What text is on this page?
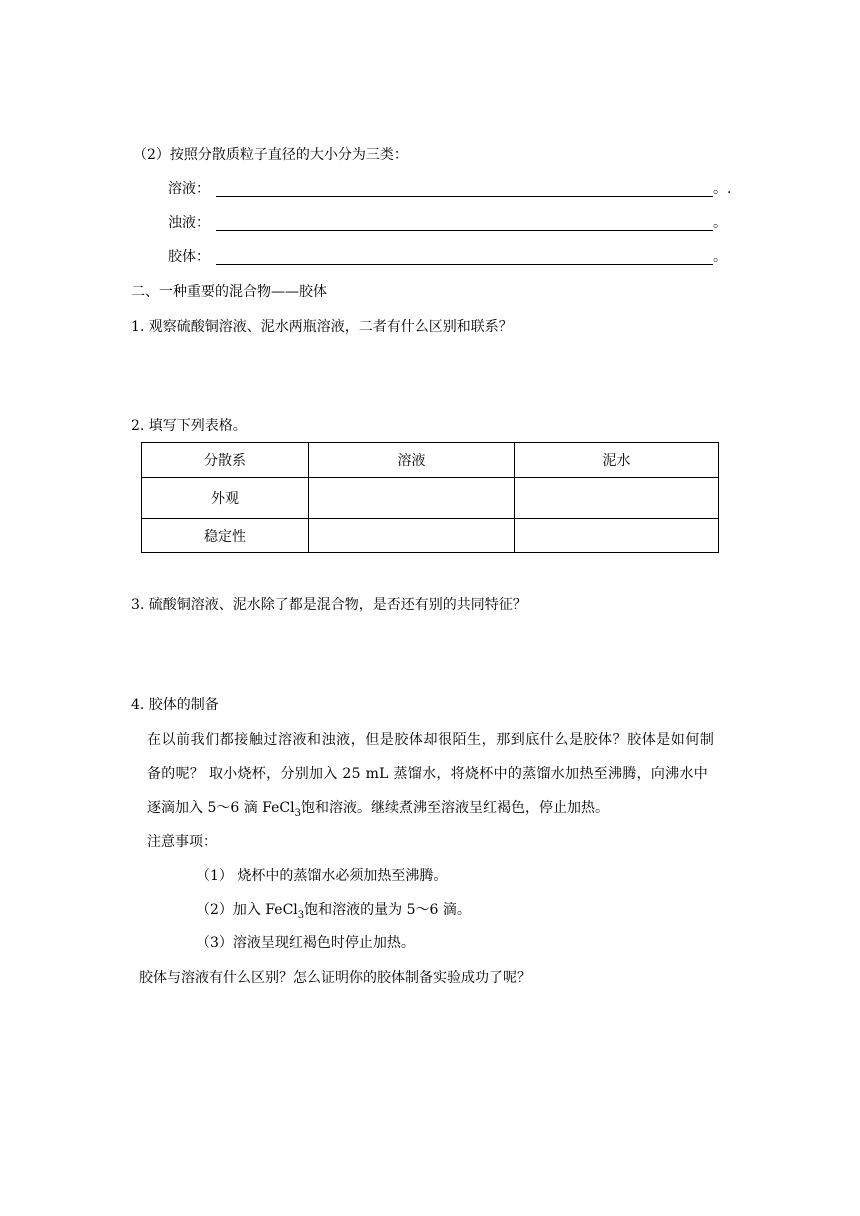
（2）按照分散质粒子直径的大小分为三类：
溶液：	。.
浊液：	。
胶体：	。
二、一种重要的混合物——胶体
1. 观察硫酸铜溶液、泥水两瓶溶液，二者有什么区别和联系？
2. 填写下列表格。
分散系	溶液	泥水
外观		
稳定性		
3. 硫酸铜溶液、泥水除了都是混合物，是否还有别的共同特征？
4. 胶体的制备
在以前我们都接触过溶液和浊液，但是胶体却很陌生，那到底什么是胶体？胶体是如何制
备的呢？ 取小烧杯，分别加入 25 mL 蒸馏水，将烧杯中的蒸馏水加热至沸腾，向沸水中
逐滴加入 5～6 滴 FeCl$_3$饱和溶液。继续煮沸至溶液呈红褐色，停止加热。
注意事项：
（1） 烧杯中的蒸馏水必须加热至沸腾。
（2）加入 FeCl$_3$饱和溶液的量为 5～6 滴。
（3）溶液呈现红褐色时停止加热。
胶体与溶液有什么区别？怎么证明你的胶体制备实验成功了呢？
